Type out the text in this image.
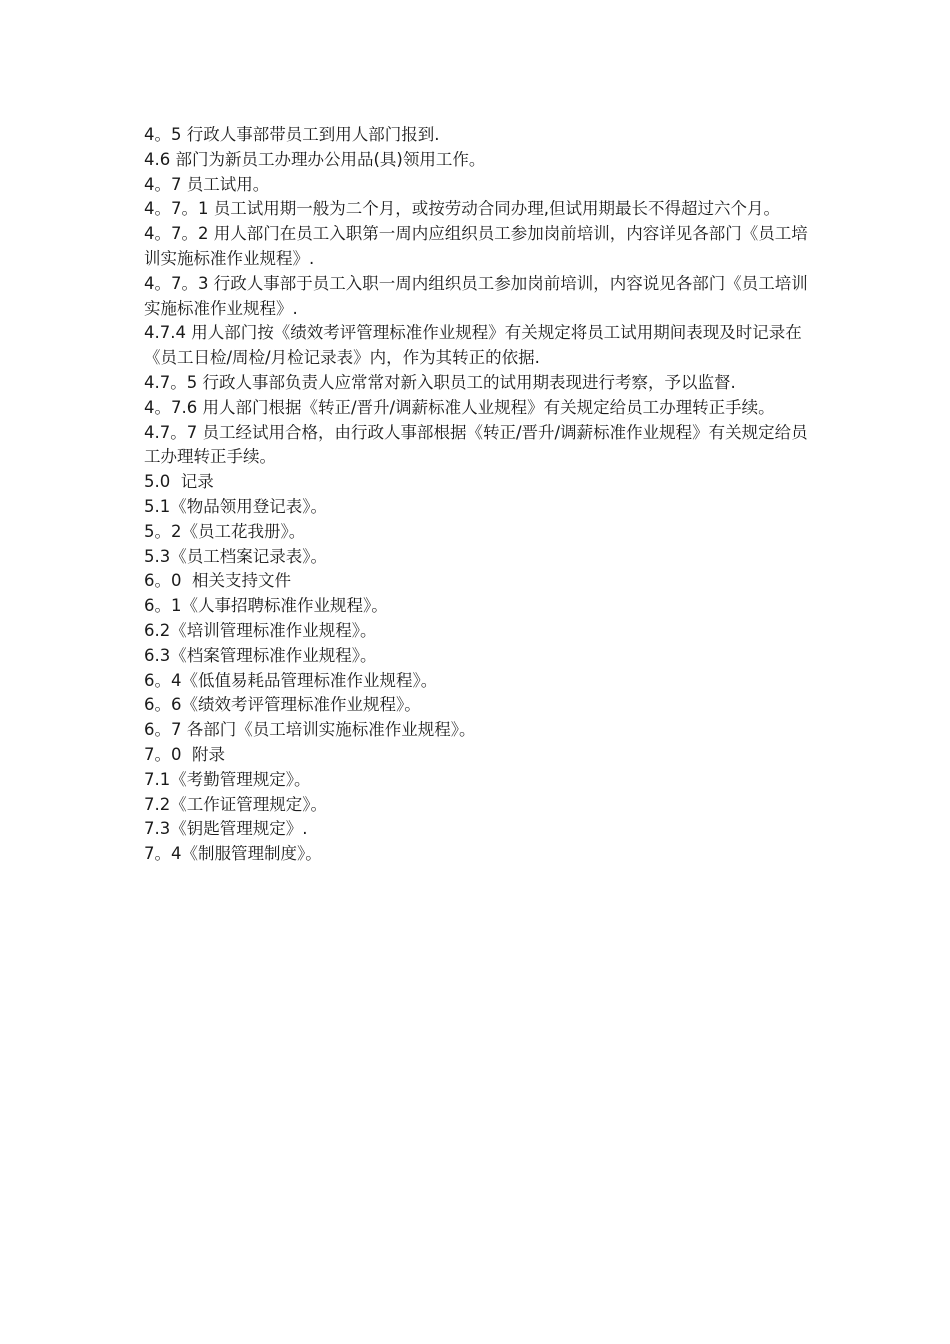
4。5 行政人事部带员工到用人部门报到.
4.6 部门为新员工办理办公用品(具)领用工作。
4。7 员工试用。
4。7。1 员工试用期一般为二个月，或按劳动合同办理,但试用期最长不得超过六个月。
4。7。2 用人部门在员工入职第一周内应组织员工参加岗前培训，内容详见各部门《员工培训实施标准作业规程》.
4。7。3 行政人事部于员工入职一周内组织员工参加岗前培训，内容说见各部门《员工培训实施标准作业规程》.
4.7.4 用人部门按《绩效考评管理标准作业规程》有关规定将员工试用期间表现及时记录在《员工日检/周检/月检记录表》内，作为其转正的依据.
4.7。5 行政人事部负责人应常常对新入职员工的试用期表现进行考察，予以监督.
4。7.6 用人部门根据《转正/晋升/调薪标准人业规程》有关规定给员工办理转正手续。
4.7。7 员工经试用合格，由行政人事部根据《转正/晋升/调薪标准作业规程》有关规定给员工办理转正手续。
5.0  记录
5.1《物品领用登记表》。
5。2《员工花我册》。
5.3《员工档案记录表》。
6。0  相关支持文件
6。1《人事招聘标准作业规程》。
6.2《培训管理标准作业规程》。
6.3《档案管理标准作业规程》。
6。4《低值易耗品管理标准作业规程》。
6。6《绩效考评管理标准作业规程》。
6。7 各部门《员工培训实施标准作业规程》。
7。0  附录
7.1《考勤管理规定》。
7.2《工作证管理规定》。
7.3《钥匙管理规定》.
7。4《制服管理制度》。
